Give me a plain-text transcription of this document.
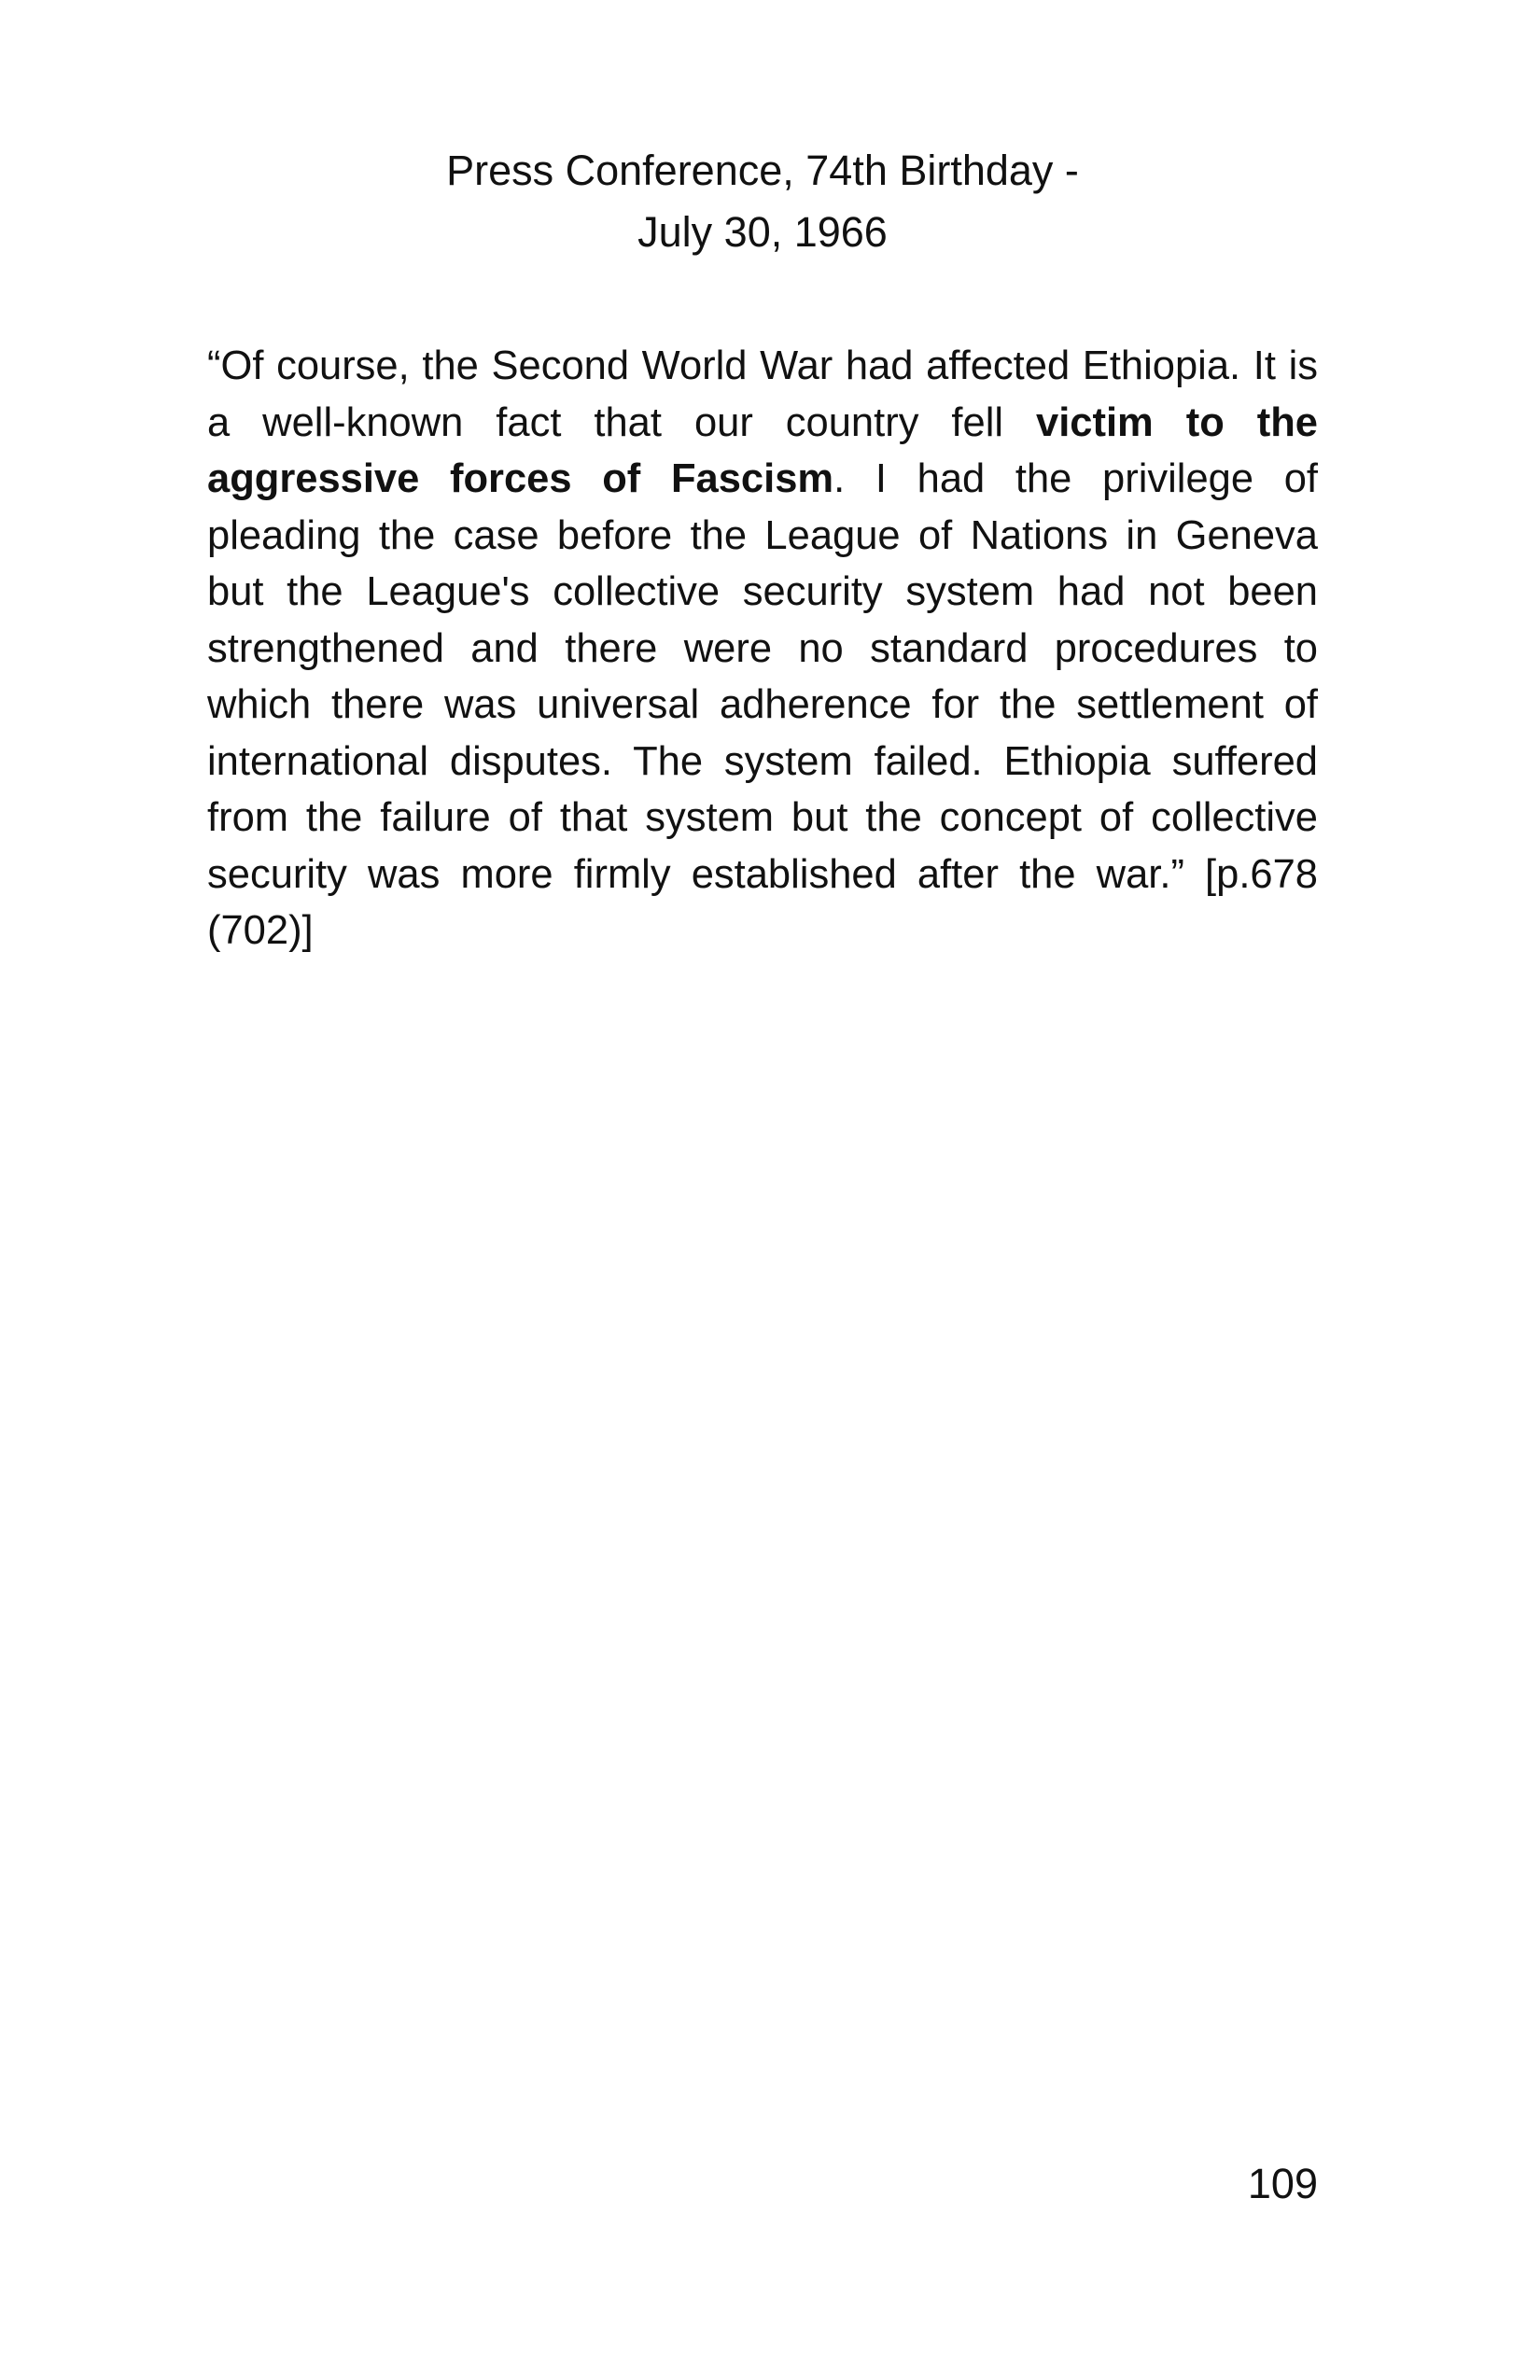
Press Conference, 74th Birthday -
July 30, 1966

“Of course, the Second World War had affected Ethiopia. It is a well-known fact that our country fell victim to the aggressive forces of Fascism. I had the privilege of pleading the case before the League of Nations in Geneva but the League's collective security system had not been strengthened and there were no standard procedures to which there was universal adherence for the settlement of international disputes. The system failed. Ethiopia suffered from the failure of that system but the concept of collective security was more firmly established after the war.” [p.678 (702)]

109
